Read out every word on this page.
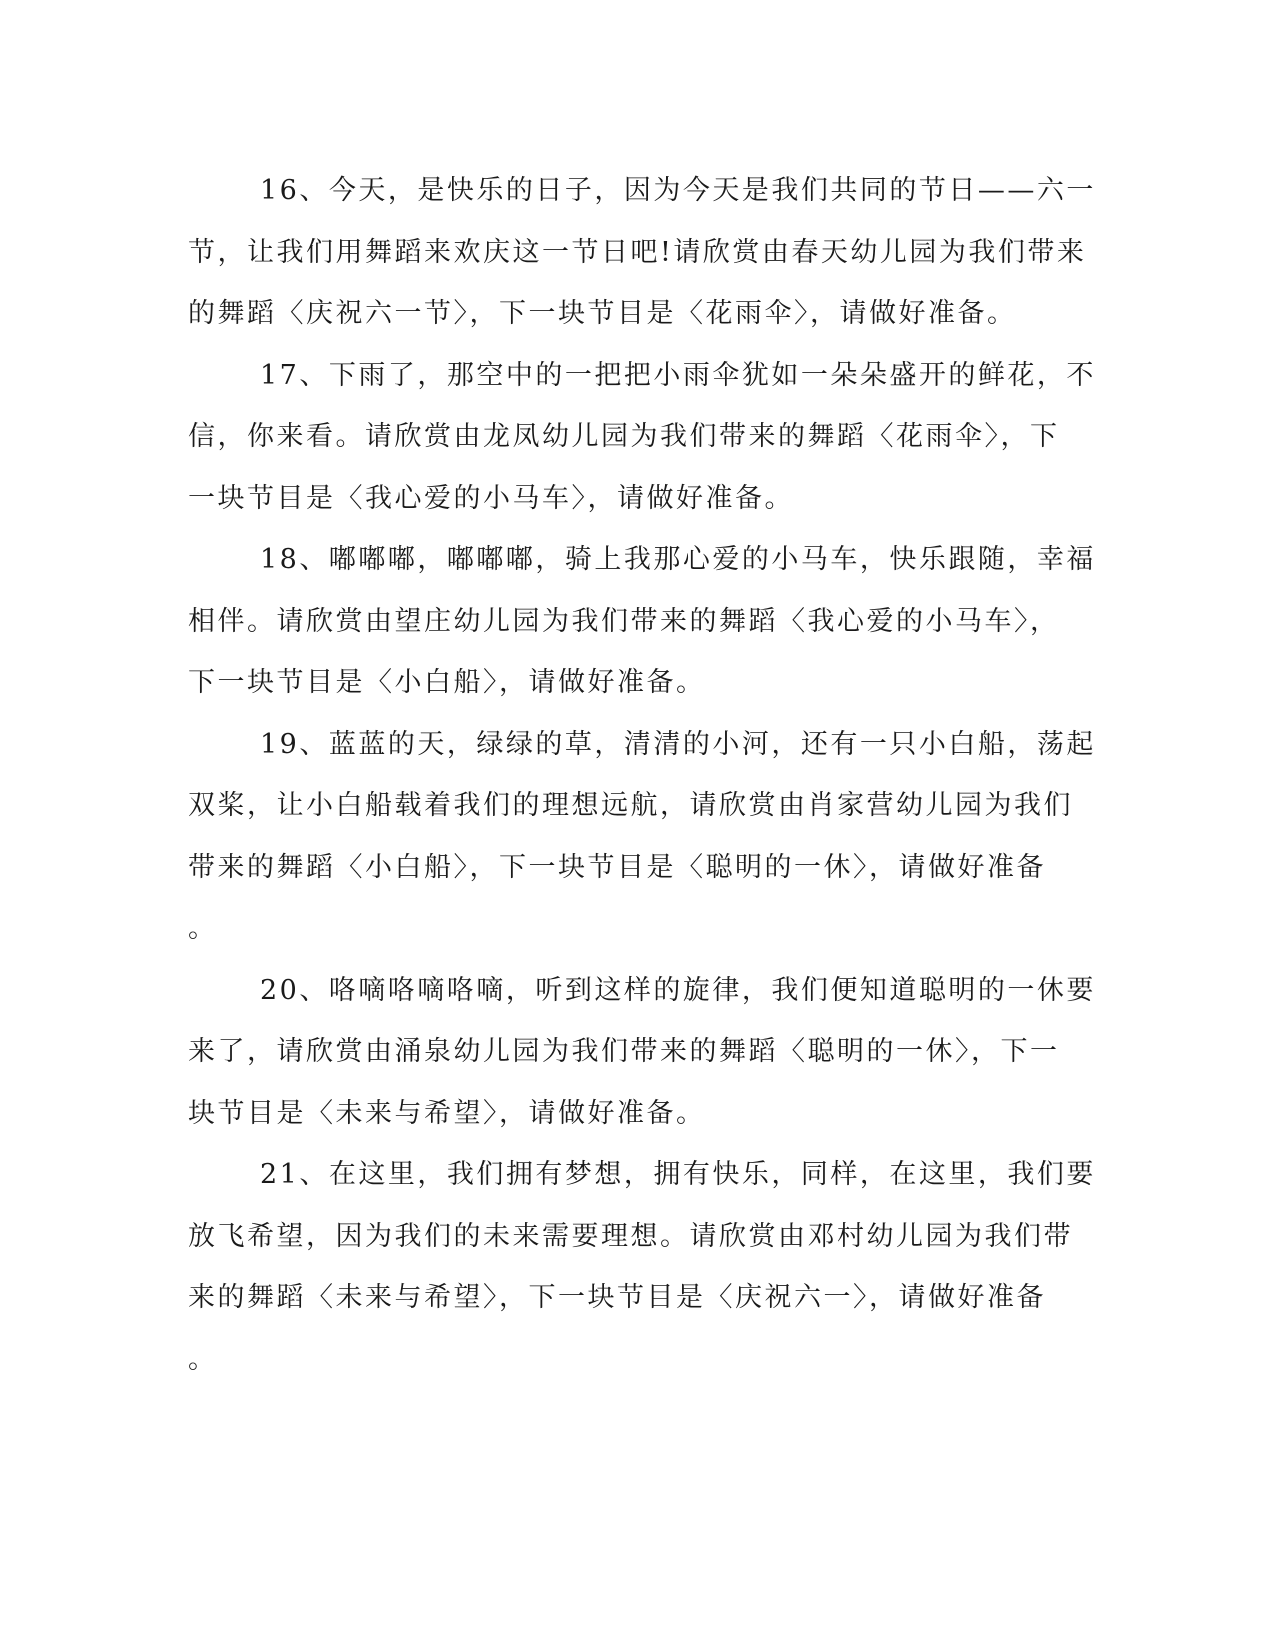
16、今天，是快乐的日子，因为今天是我们共同的节日——六一
节，让我们用舞蹈来欢庆这一节日吧!请欣赏由春天幼儿园为我们带来
的舞蹈〈庆祝六一节〉，下一块节目是〈花雨伞〉，请做好准备。
17、下雨了，那空中的一把把小雨伞犹如一朵朵盛开的鲜花，不
信，你来看。请欣赏由龙凤幼儿园为我们带来的舞蹈〈花雨伞〉，下
一块节目是〈我心爱的小马车〉，请做好准备。
18、嘟嘟嘟，嘟嘟嘟，骑上我那心爱的小马车，快乐跟随，幸福
相伴。请欣赏由望庄幼儿园为我们带来的舞蹈〈我心爱的小马车〉，
下一块节目是〈小白船〉，请做好准备。
19、蓝蓝的天，绿绿的草，清清的小河，还有一只小白船，荡起
双桨，让小白船载着我们的理想远航，请欣赏由肖家营幼儿园为我们
带来的舞蹈〈小白船〉，下一块节目是〈聪明的一休〉，请做好准备
。
20、咯嘀咯嘀咯嘀，听到这样的旋律，我们便知道聪明的一休要
来了，请欣赏由涌泉幼儿园为我们带来的舞蹈〈聪明的一休〉，下一
块节目是〈未来与希望〉，请做好准备。
21、在这里，我们拥有梦想，拥有快乐，同样，在这里，我们要
放飞希望，因为我们的未来需要理想。请欣赏由邓村幼儿园为我们带
来的舞蹈〈未来与希望〉，下一块节目是〈庆祝六一〉，请做好准备
。
